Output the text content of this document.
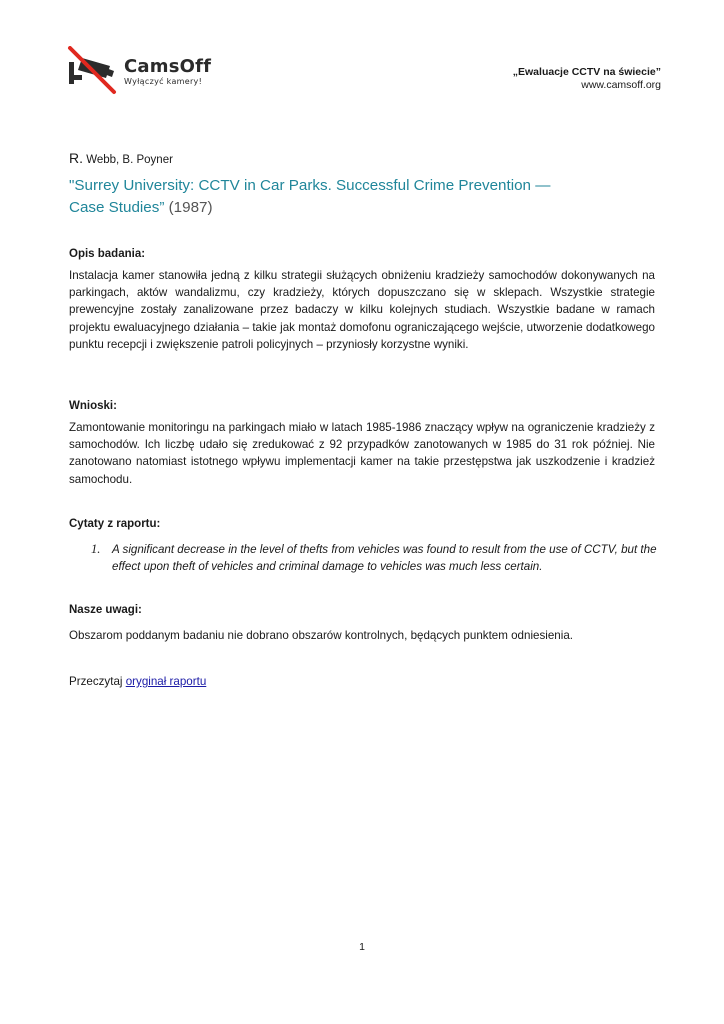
CamsOff
Wyłączyć kamery!
„Ewaluacje CCTV na świecie”
www.camsoff.org
R. Webb, B. Poyner
"Surrey University: CCTV in Car Parks. Successful Crime Prevention — Case Studies” (1987)
Opis badania:
Instalacja kamer stanowiła jedną z kilku strategii służących obniżeniu kradzieży samochodów dokonywanych na parkingach, aktów wandalizmu, czy kradzieży, których dopuszczano się w sklepach. Wszystkie strategie prewencyjne zostały zanalizowane przez badaczy w kilku kolejnych studiach. Wszystkie badane w ramach projektu ewaluacyjnego działania – takie jak montaż domofonu ograniczającego wejście, utworzenie dodatkowego punktu recepcji i zwiększenie patroli policyjnych – przyniosły korzystne wyniki.
Wnioski:
Zamontowanie monitoringu na parkingach miało w latach 1985-1986 znaczący wpływ na ograniczenie kradzieży z samochodów. Ich liczbę udało się zredukować z 92 przypadków zanotowanych w 1985 do 31 rok później. Nie zanotowano natomiast istotnego wpływu implementacji kamer na takie przestępstwa jak uszkodzenie i kradzież samochodu.
Cytaty z raportu:
1. A significant decrease in the level of thefts from vehicles was found to result from the use of CCTV, but the effect upon theft of vehicles and criminal damage to vehicles was much less certain.
Nasze uwagi:
Obszarom poddanym badaniu nie dobrano obszarów kontrolnych, będących punktem odniesienia.
Przeczytaj oryginał raportu
1
